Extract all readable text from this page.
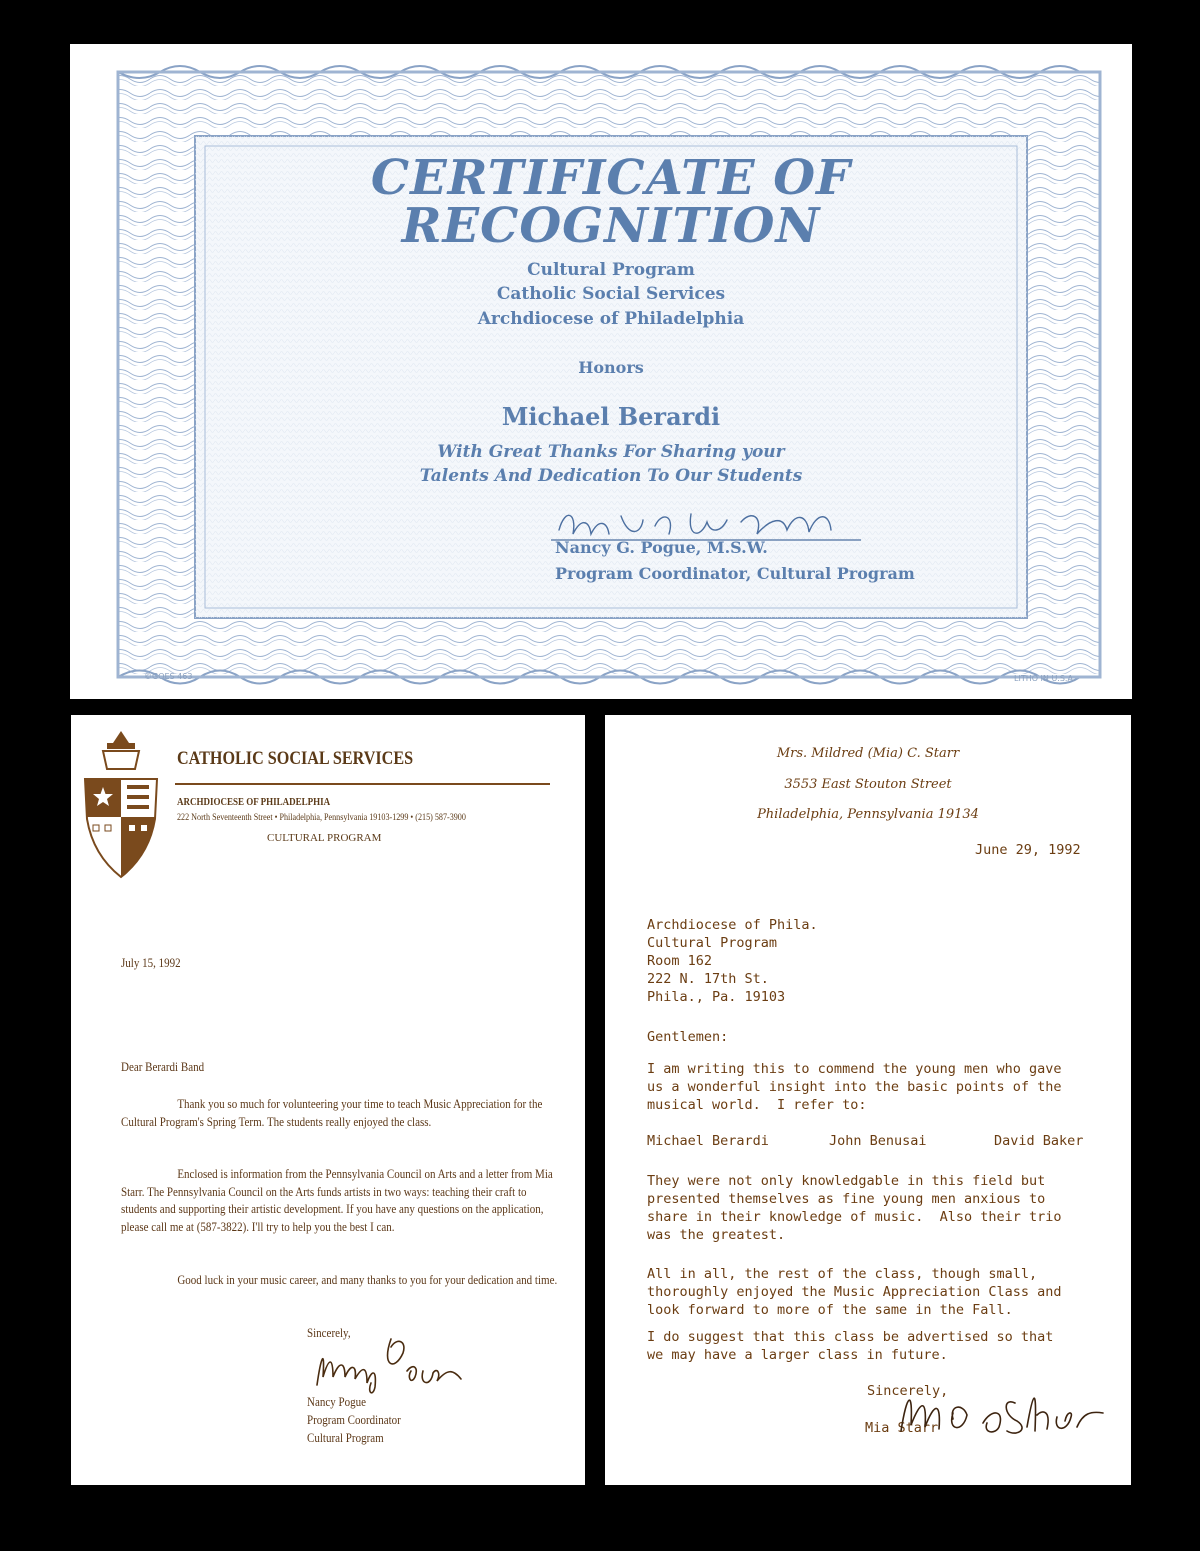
CERTIFICATE OF
RECOGNITION
Cultural Program
Catholic Social Services
Archdiocese of Philadelphia
Honors
Michael Berardi
With Great Thanks For Sharing your
Talents And Dedication To Our Students
Nancy G. Pogue, M.S.W.
Program Coordinator, Cultural Program
©GOES 463	LITHO IN U.S.A.
CATHOLIC SOCIAL SERVICES
ARCHDIOCESE OF PHILADELPHIA
222 North Seventeenth Street • Philadelphia, Pennsylvania 19103-1299 • (215) 587-3900
CULTURAL PROGRAM
July 15, 1992
Dear Berardi Band
Thank you so much for volunteering your time to teach Music Appreciation for the Cultural Program's Spring Term. The students really enjoyed the class.
Enclosed is information from the Pennsylvania Council on Arts and a letter from Mia Starr. The Pennsylvania Council on the Arts funds artists in two ways: teaching their craft to students and supporting their artistic development. If you have any questions on the application, please call me at (587-3822). I'll try to help you the best I can.
Good luck in your music career, and many thanks to you for your dedication and time.
Sincerely,
Nancy Pogue
Program Coordinator
Cultural Program
Mrs. Mildred (Mia) C. Starr
3553 East Stouton Street
Philadelphia, Pennsylvania 19134
June 29, 1992
Archdiocese of Phila.
Cultural Program
Room 162
222 N. 17th St.
Phila., Pa. 19103
Gentlemen:
I am writing this to commend the young men who gave
us a wonderful insight into the basic points of the
musical world.  I refer to:
Michael Berardi	John Benusai	David Baker
They were not only knowledgable in this field but
presented themselves as fine young men anxious to
share in their knowledge of music.  Also their trio
was the greatest.
All in all, the rest of the class, though small,
thoroughly enjoyed the Music Appreciation Class and
look forward to more of the same in the Fall.
I do suggest that this class be advertised so that
we may have a larger class in future.
Sincerely,
Mia Starr
